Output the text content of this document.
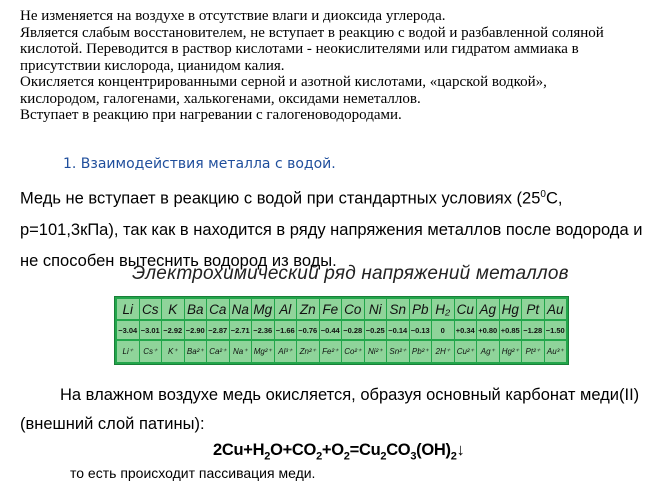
Не изменяется на воздухе в отсутствие влаги и диоксида углерода.
Является слабым восстановителем, не вступает в реакцию с водой и разбавленной соляной
кислотой. Переводится в раствор кислотами - неокислителями или гидратом аммиака в
присутствии кислорода, цианидом калия.
Окисляется концентрированными серной и азотной кислотами, «царской водкой»,
кислородом, галогенами, халькогенами, оксидами неметаллов.
Вступает в реакцию при нагревании с галогеноводородами.
1. Взаимодействия металла с водой.
Медь не вступает в реакцию с водой при стандартных условиях ($25^0С$,
р=101,3кПа), так как в находится в ряду напряжения металлов после водорода и
не способен вытеснить водород из воды.
Электрохимический ряд напряжений металлов
Li Cs K Ba Ca Na Mg Al Zn Fe Co Ni Sn Pb H₂ Cu Ag Hg Pt Au
−3.04 −3.01 −2.92 −2.90 −2.87 −2.71 −2.36 −1.66 −0.76 −0.44 −0.28 −0.25 −0.14 −0.13	0	+0.34 +0.80 +0.85 −1.28 −1.50
Li⁺	Cs⁺	K⁺	Ba²⁺ Ca²⁺ Na⁺ Mg²⁺ Al³⁺ Zn²⁺ Fe²⁺ Co²⁺ Ni²⁺ Sn²⁺ Pb²⁺ 2H⁺ Cu²⁺ Ag⁺ Hg²⁺ Pt²⁺ Au³⁺
На влажном воздухе медь окисляется, образуя основный карбонат меди(II)
(внешний слой патины):
$2Cu+H_2O+CO_2+O_2=Cu_2CO_3(OH)_2↓$
то есть происходит пассивация меди.
